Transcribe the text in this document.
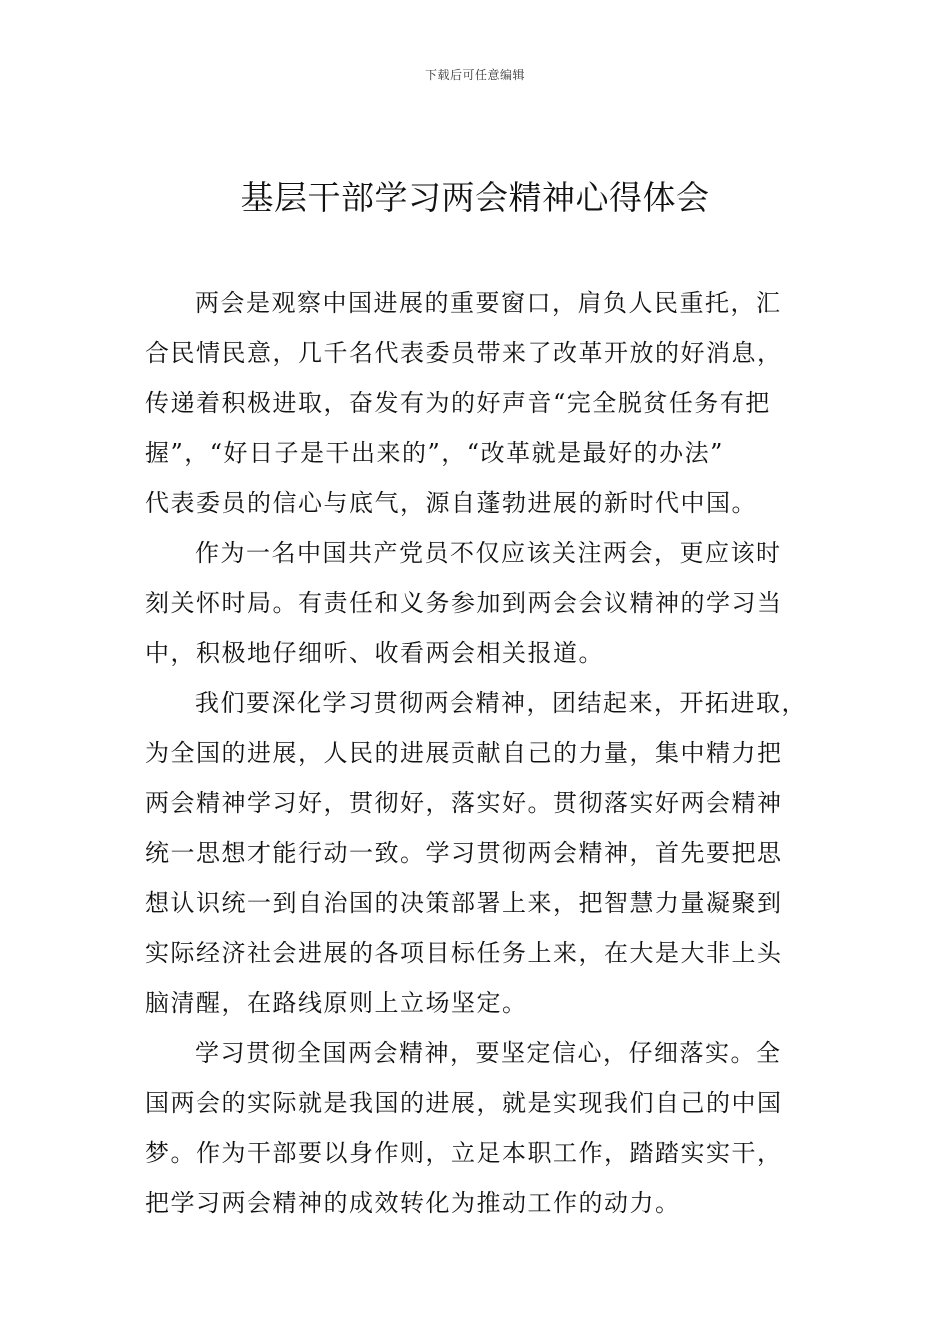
下载后可任意编辑
基层干部学习两会精神心得体会
两会是观察中国进展的重要窗口，肩负人民重托，汇
合民情民意，几千名代表委员带来了改革开放的好消息，
传递着积极进取，奋发有为的好声音“完全脱贫任务有把
握”，“好日子是干出来的”，“改革就是最好的办法”
代表委员的信心与底气，源自蓬勃进展的新时代中国。
作为一名中国共产党员不仅应该关注两会，更应该时
刻关怀时局。有责任和义务参加到两会会议精神的学习当
中，积极地仔细听、收看两会相关报道。
我们要深化学习贯彻两会精神，团结起来，开拓进取，
为全国的进展，人民的进展贡献自己的力量，集中精力把
两会精神学习好，贯彻好，落实好。贯彻落实好两会精神
统一思想才能行动一致。学习贯彻两会精神，首先要把思
想认识统一到自治国的决策部署上来，把智慧力量凝聚到
实际经济社会进展的各项目标任务上来，在大是大非上头
脑清醒，在路线原则上立场坚定。
学习贯彻全国两会精神，要坚定信心，仔细落实。全
国两会的实际就是我国的进展，就是实现我们自己的中国
梦。作为干部要以身作则，立足本职工作，踏踏实实干，
把学习两会精神的成效转化为推动工作的动力。
